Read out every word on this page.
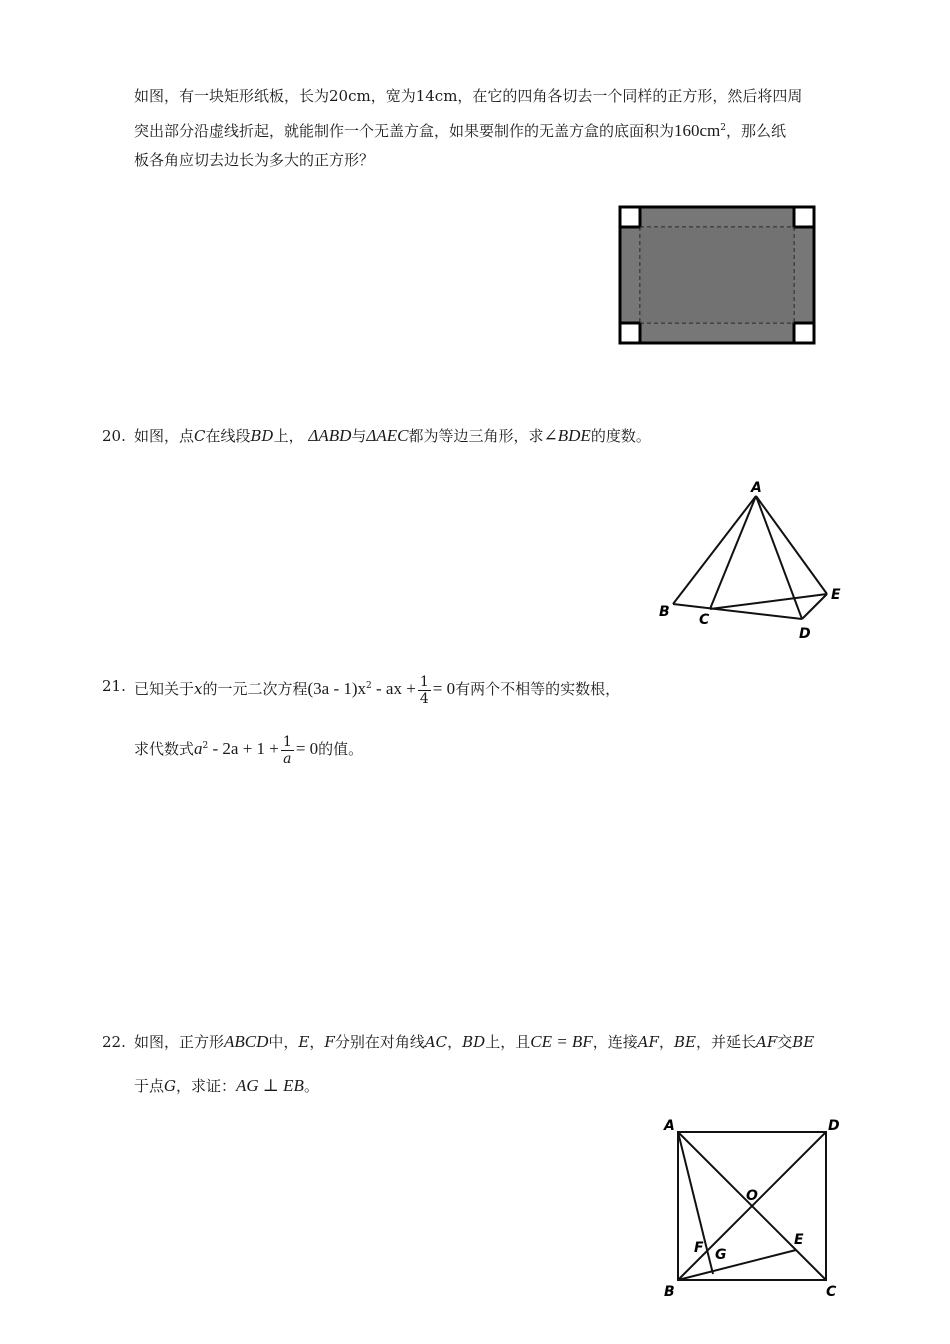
如图，有一块矩形纸板，长为20cm，宽为14cm，在它的四角各切去一个同样的正方形，然后将四周
突出部分沿虚线折起，就能制作一个无盖方盒，如果要制作的无盖方盒的底面积为$160cm^2$，那么纸
板各角应切去边长为多大的正方形？
20. 如图，点C在线段BD上， ΔABD与ΔAEC都为等边三角形，求∠BDE的度数。
A
B C
D
E
21. 已知关于x的一元二次方程$(3a - 1)x^2$ - ax + $\frac{1}{4} = 0$有两个不相等的实数根，
求代数式$a^2 - 2a + 1 + \frac{1}{a} = 0$的值。
22. 如图，正方形ABCD中，E，F分别在对角线AC，BD上，且CE = BF，连接AF，BE，并延长AF交BE
于点G，求证：AG ⊥ EB。
A	D
B	C
O
E
F G
